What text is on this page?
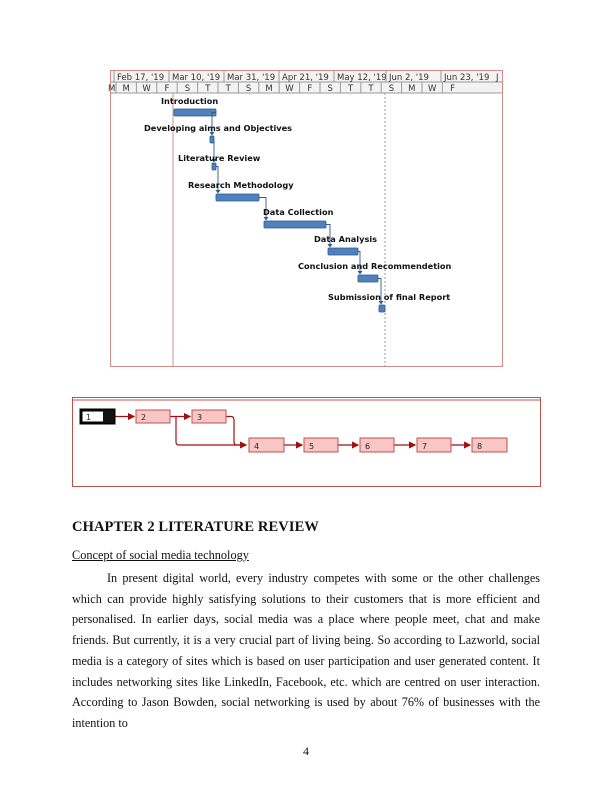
Feb 17, '19 Mar 10, '19 Mar 31, '19 Apr 21, '19 May 12, '19 Jun 2, '19 Jun 23, '19 J
M M W F S T T S M W F S T T S M W F
Introduction
Developing aims and Objectives
Literature Review
Research Methodology
Data Collection
Data Analysis
Conclusion and Recommendetion
Submission of final Report
1	2	3
4	5	6	7	8
CHAPTER 2 LITERATURE REVIEW
Concept of social media technology

In present digital world, every industry competes with some or the other challenges which can provide highly satisfying solutions to their customers that is more efficient and personalised. In earlier days, social media was a place where people meet, chat and make friends. But currently, it is a very crucial part of living being. So according to Lazworld, social media is a category of sites which is based on user participation and user generated content. It includes networking sites like LinkedIn, Facebook, etc. which are centred on user interaction. According to Jason Bowden, social networking is used by about 76% of businesses with the intention to

4
